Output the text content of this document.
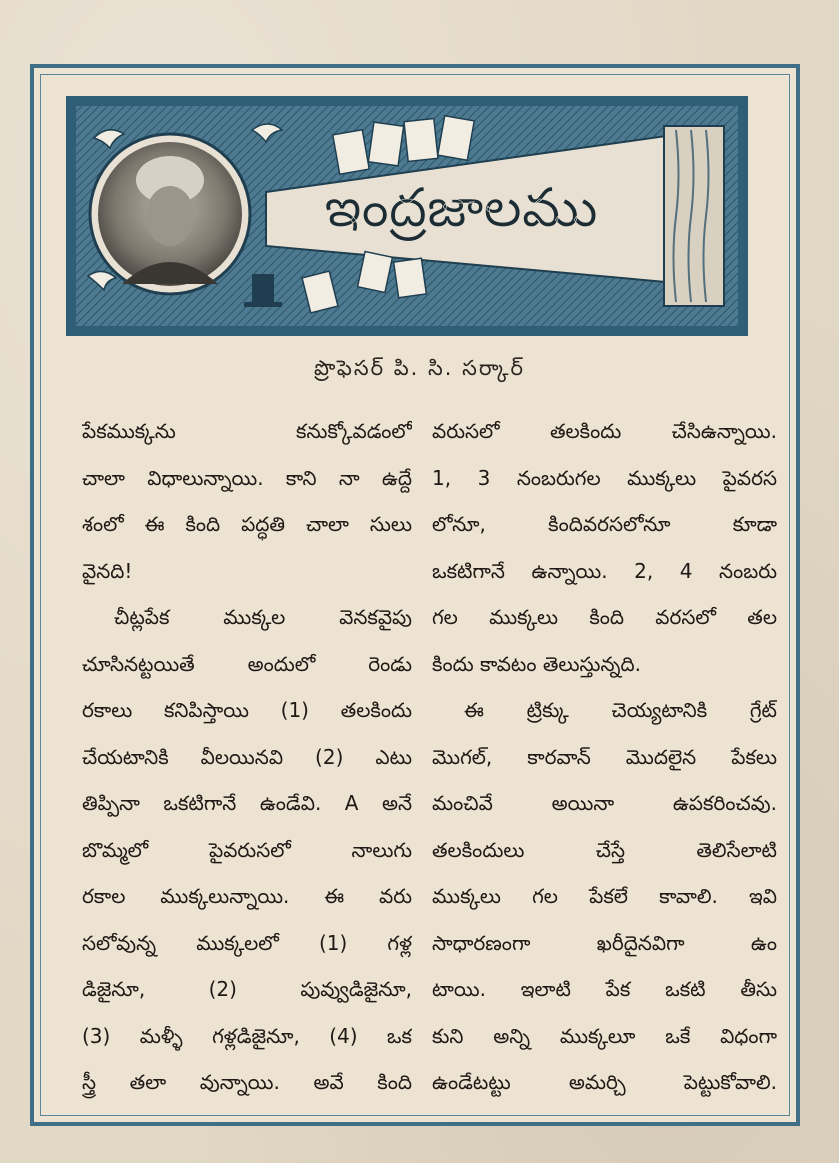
ఇంద్రజాలము
ప్రొఫెసర్ పి. సి. సర్కార్
పేకముక్కను కనుక్కోవడంలో
చాలా విధాలున్నాయి. కాని నా ఉద్దే
శంలో ఈ కింది పద్ధతి చాలా సులు
వైనది!
చీట్లపేక ముక్కల వెనకవైపు
చూసినట్టయితే అందులో రెండు
రకాలు కనిపిస్తాయి (1) తలకిందు
చేయటానికి వీలయినవి (2) ఎటు
తిప్పినా ఒకటిగానే ఉండేవి. A అనే
బొమ్మలో పైవరుసలో నాలుగు
రకాల ముక్కలున్నాయి. ఈ వరు
సలోవున్న ముక్కలలో (1) గళ్ల
డిజైనూ, (2) పువ్వుడిజైనూ,
(3) మళ్ళీ గళ్లడిజైనూ, (4) ఒక
స్త్రీ తలా వున్నాయి. అవే కింది
వరుసలో తలకిందు చేసిఉన్నాయి.
1, 3 నంబరుగల ముక్కలు పైవరస
లోనూ, కిందివరసలోనూ కూడా
ఒకటిగానే ఉన్నాయి. 2, 4 నంబరు
గల ముక్కలు కింది వరసలో తల
కిందు కావటం తెలుస్తున్నది.
ఈ ట్రిక్కు చెయ్యటానికి గ్రేట్
మొగల్, కారవాన్ మొదలైన పేకలు
మంచివే అయినా ఉపకరించవు.
తలకిందులు చేస్తే తెలిసేలాటి
ముక్కలు గల పేకలే కావాలి. ఇవి
సాధారణంగా ఖరీదైనవిగా ఉం
టాయి. ఇలాటి పేక ఒకటి తీసు
కుని అన్ని ముక్కలూ ఒకే విధంగా
ఉండేటట్టు అమర్చి పెట్టుకోవాలి.
